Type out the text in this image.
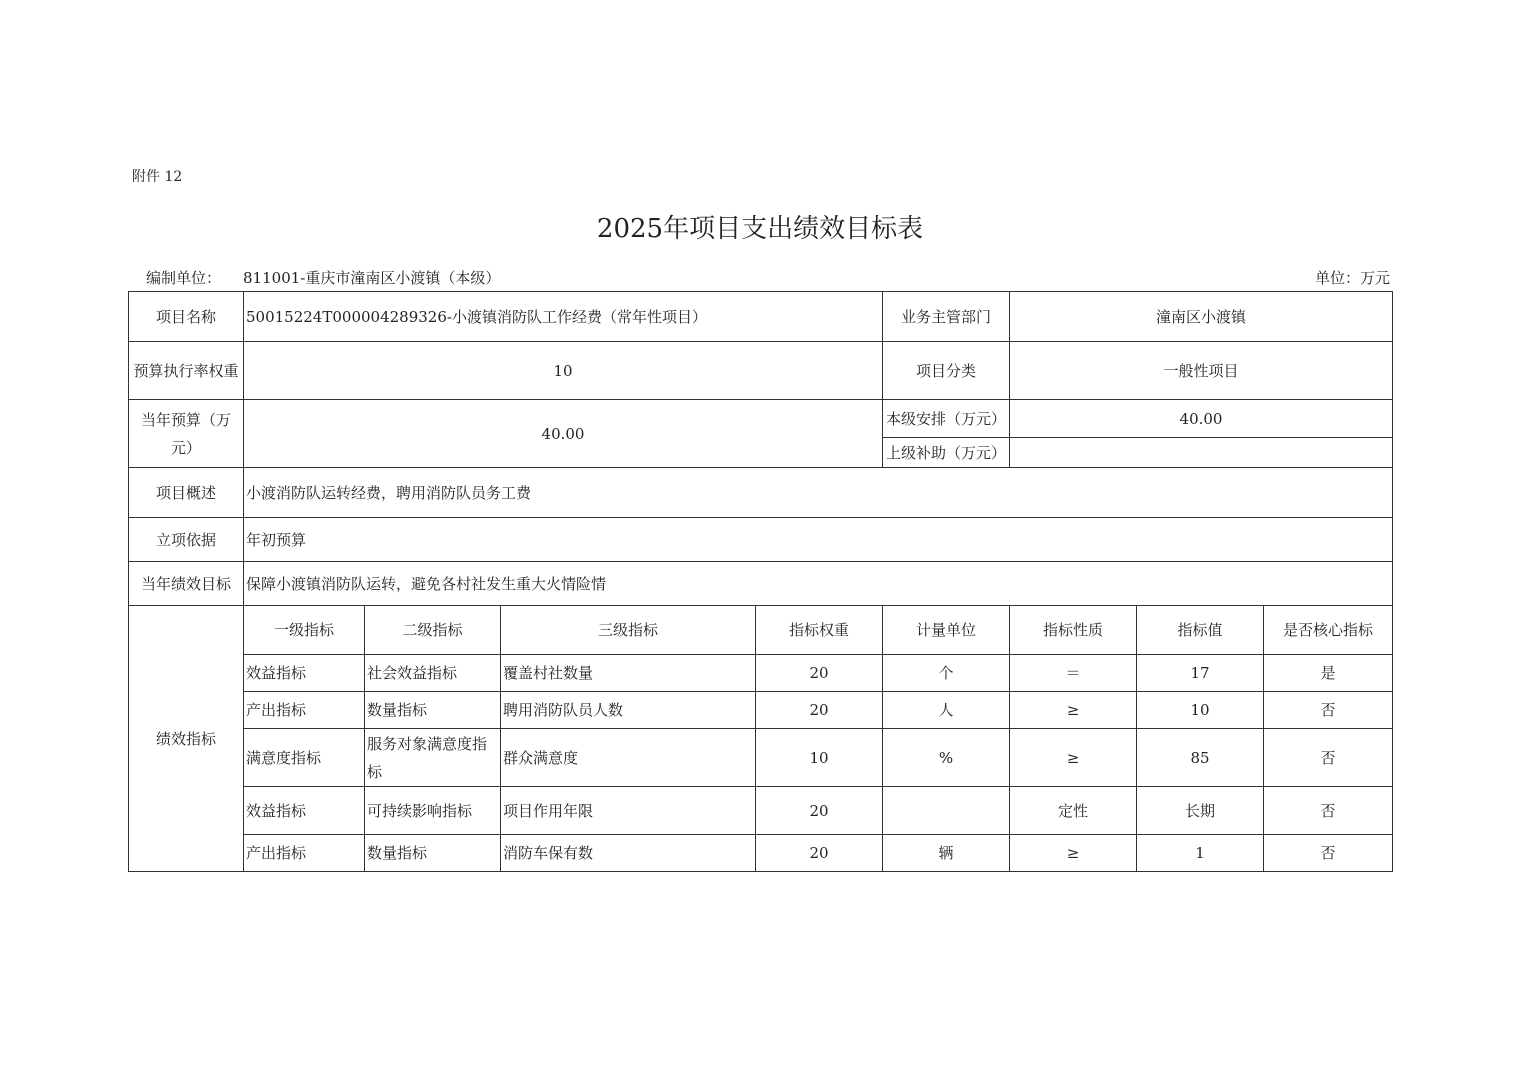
附件 12
2025年项目支出绩效目标表
编制单位： 811001-重庆市潼南区小渡镇（本级）	单位：万元
项目名称	50015224T000004289326-小渡镇消防队工作经费（常年性项目）				业务主管部门	潼南区小渡镇		
预算执行率权重	10				项目分类	一般性项目		
当年预算（万元）	40.00				本级安排（万元）	40.00		
					上级补助（万元）			
项目概述	小渡消防队运转经费，聘用消防队员务工费							
立项依据	年初预算							
当年绩效目标	保障小渡镇消防队运转，避免各村社发生重大火情险情							
绩效指标	一级指标	二级指标	三级指标	指标权重	计量单位	指标性质	指标值	是否核心指标
	效益指标	社会效益指标	覆盖村社数量	20	个	＝	17	是
	产出指标	数量指标	聘用消防队员人数	20	人	≥	10	否
	满意度指标	服务对象满意度指标	群众满意度	10	%	≥	85	否
	效益指标	可持续影响指标	项目作用年限	20		定性	长期	否
	产出指标	数量指标	消防车保有数	20	辆	≥	1	否
